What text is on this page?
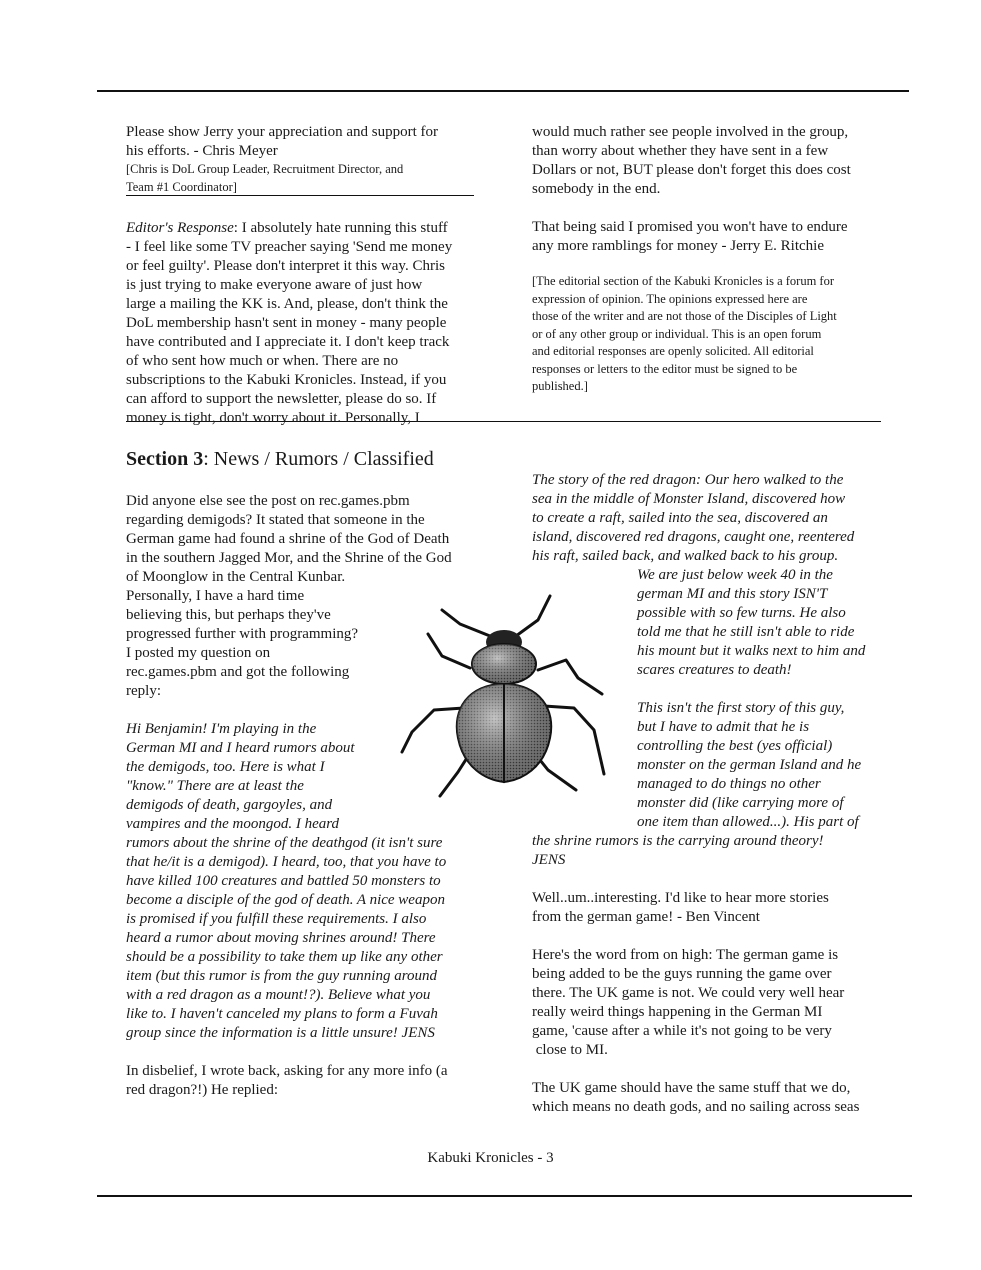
Please show Jerry your appreciation and support for

his efforts. - Chris Meyer

[Chris is DoL Group Leader, Recruitment Director, and

Team #1 Coordinator]

Editor's Response: I absolutely hate running this stuff

- I feel like some TV preacher saying 'Send me money

or feel guilty'. Please don't interpret it this way. Chris

is just trying to make everyone aware of just how

large a mailing the KK is. And, please, don't think the

DoL membership hasn't sent in money - many people

have contributed and I appreciate it. I don't keep track

of who sent how much or when. There are no

subscriptions to the Kabuki Kronicles. Instead, if you

can afford to support the newsletter, please do so. If

money is tight, don't worry about it. Personally, I

would much rather see people involved in the group,

than worry about whether they have sent in a few

Dollars or not, BUT please don't forget this does cost

somebody in the end.

That being said I promised you won't have to endure

any more ramblings for money - Jerry E. Ritchie

[The editorial section of the Kabuki Kronicles is a forum for

expression of opinion. The opinions expressed here are

those of the writer and are not those of the Disciples of Light

or of any other group or individual. This is an open forum

and editorial responses are openly solicited. All editorial

responses or letters to the editor must be signed to be

published.]

Section 3: News / Rumors / Classified

Did anyone else see the post on rec.games.pbm

regarding demigods? It stated that someone in the

German game had found a shrine of the God of Death

in the southern Jagged Mor, and the Shrine of the God

of Moonglow in the Central Kunbar.

Personally, I have a hard time

believing this, but perhaps they've

progressed further with programming?

I posted my question on

rec.games.pbm and got the following

reply:

Hi Benjamin! I'm playing in the

German MI and I heard rumors about

the demigods, too. Here is what I

"know." There are at least the

demigods of death, gargoyles, and

vampires and the moongod. I heard

rumors about the shrine of the deathgod (it isn't sure

that he/it is a demigod). I heard, too, that you have to

have killed 100 creatures and battled 50 monsters to

become a disciple of the god of death. A nice weapon

is promised if you fulfill these requirements. I also

heard a rumor about moving shrines around! There

should be a possibility to take them up like any other

item (but this rumor is from the guy running around

with a red dragon as a mount!?). Believe what you

like to. I haven't canceled my plans to form a Fuvah

group since the information is a little unsure! JENS

In disbelief, I wrote back, asking for any more info (a

red dragon?!) He replied:

The story of the red dragon: Our hero walked to the

sea in the middle of Monster Island, discovered how

to create a raft, sailed into the sea, discovered an

island, discovered red dragons, caught one, reentered

his raft, sailed back, and walked back to his group.

We are just below week 40 in the

german MI and this story ISN'T

possible with so few turns. He also

told me that he still isn't able to ride

his mount but it walks next to him and

scares creatures to death!

This isn't the first story of this guy,

but I have to admit that he is

controlling the best (yes official)

monster on the german Island and he

managed to do things no other

monster did (like carrying more of

one item than allowed...). His part of

the shrine rumors is the carrying around theory!

JENS

Well..um..interesting. I'd like to hear more stories

from the german game! - Ben Vincent

Here's the word from on high: The german game is

being added to be the guys running the game over

there. The UK game is not. We could very well hear

really weird things happening in the German MI

game, 'cause after a while it's not going to be very

close to MI.

The UK game should have the same stuff that we do,

which means no death gods, and no sailing across seas

Kabuki Kronicles - 3
